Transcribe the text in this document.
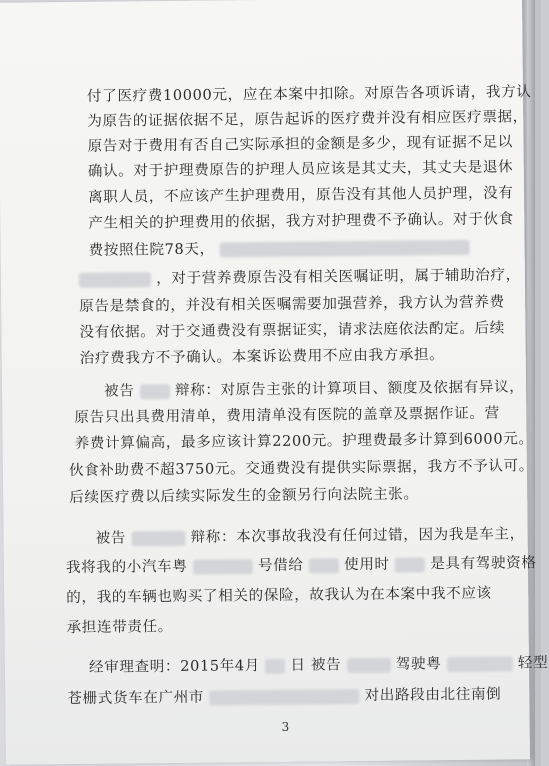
付了医疗费10000元，应在本案中扣除。对原告各项诉请，我方认
为原告的证据依据不足，原告起诉的医疗费并没有相应医疗票据，
原告对于费用有否自己实际承担的金额是多少，现有证据不足以
确认。对于护理费原告的护理人员应该是其丈夫，其丈夫是退休
离职人员，不应该产生护理费用，原告没有其他人员护理，没有
产生相关的护理费用的依据，我方对护理费不予确认。对于伙食
费按照住院78天，
，对于营养费原告没有相关医嘱证明，属于辅助治疗，
原告是禁食的，并没有相关医嘱需要加强营养，我方认为营养费
没有依据。对于交通费没有票据证实，请求法庭依法酌定。后续
治疗费我方不予确认。本案诉讼费用不应由我方承担。
被告	辩称：对原告主张的计算项目、额度及依据有异议，
原告只出具费用清单，费用清单没有医院的盖章及票据作证。营
养费计算偏高，最多应该计算2200元。护理费最多计算到6000元。
伙食补助费不超3750元。交通费没有提供实际票据，我方不予认可。
后续医疗费以后续实际发生的金额另行向法院主张。
被告	辩称：本次事故我没有任何过错，因为我是车主，
我将我的小汽车粤	号借给	使用时	是具有驾驶资格
的，我的车辆也购买了相关的保险，故我认为在本案中我不应该
承担连带责任。
经审理查明：2015年4月 日 被告	驾驶粤	轻型
苍栅式货车在广州市	对出路段由北往南倒
3
